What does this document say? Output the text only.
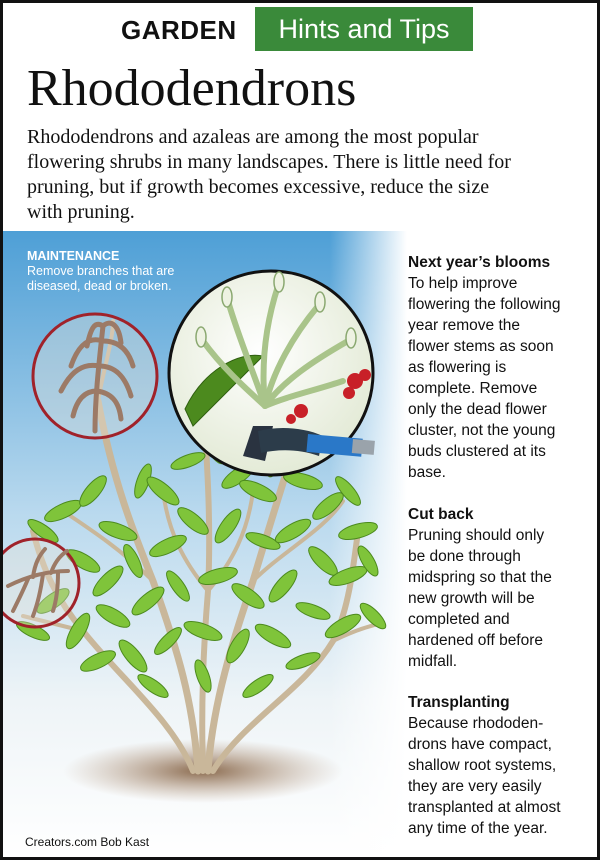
GARDEN	Hints and Tips
Rhododendrons
Rhododendrons and azaleas are among the most popular
flowering shrubs in many landscapes. There is little need for
pruning, but if growth becomes excessive, reduce the size
with pruning.
MAINTENANCE
Remove branches that are
diseased, dead or broken.
Creators.com Bob Kast
Next year’s blooms
To help improve
flowering the following
year remove the
flower stems as soon
as flowering is
complete. Remove
only the dead flower
cluster, not the young
buds clustered at its
base.
Cut back
Pruning should only
be done through
midspring so that the
new growth will be
completed and
hardened off before
midfall.
Transplanting
Because rhododen-
drons have compact,
shallow root systems,
they are very easily
transplanted at almost
any time of the year.
